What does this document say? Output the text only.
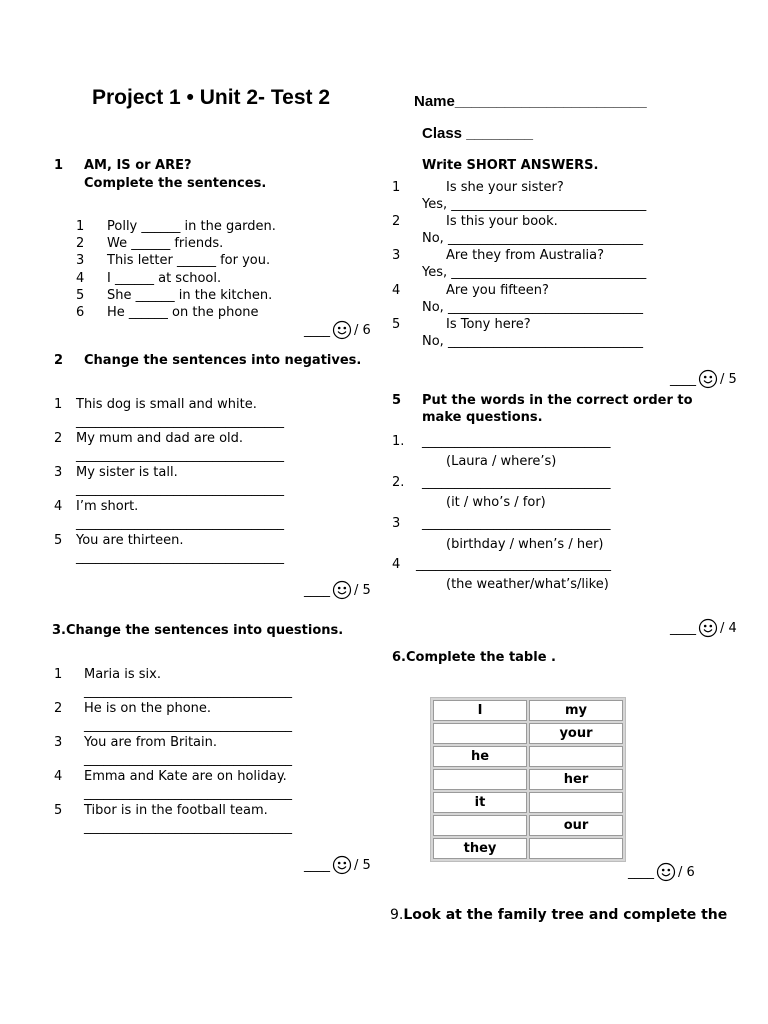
Project 1 • Unit 2- Test 2	Name_______________________
Class ________
1 AM, IS or ARE?
Complete the sentences.
1 Polly ______ in the garden.
2 We ______ friends.
3 This letter ______ for you.
4 I ______ at school.
5 She ______ in the kitchen.
6 He ______ on the phone
____ / 6
2 Change the sentences into negatives.
1 This dog is small and white.
________________________________
2 My mum and dad are old.
________________________________
3 My sister is tall.
________________________________
4 I’m short.
________________________________
5 You are thirteen.
________________________________
____ / 5
3.Change the sentences into questions.
1 Maria is six.
________________________________
2 He is on the phone.
________________________________
3 You are from Britain.
________________________________
4 Emma and Kate are on holiday.
________________________________
5 Tibor is in the football team.
________________________________
____ / 5
Write SHORT ANSWERS.
1	Is she your sister?
Yes, ______________________________
2	Is this your book.
No, ______________________________
3	Are they from Australia?
Yes, ______________________________
4	Are you fifteen?
No, ______________________________
5	Is Tony here?
No, ______________________________
____ / 5
5 Put the words in the correct order to
make questions.
1. _____________________________
(Laura / where’s)
2. _____________________________
(it / who’s / for)
3 _____________________________
(birthday / when’s / her)
4 ______________________________
(the weather/what’s/like)
____ / 4
6.Complete the table .
I	my
	your
he	
	her
it	
	our
they	
____ / 6
9.Look at the family tree and complete the
